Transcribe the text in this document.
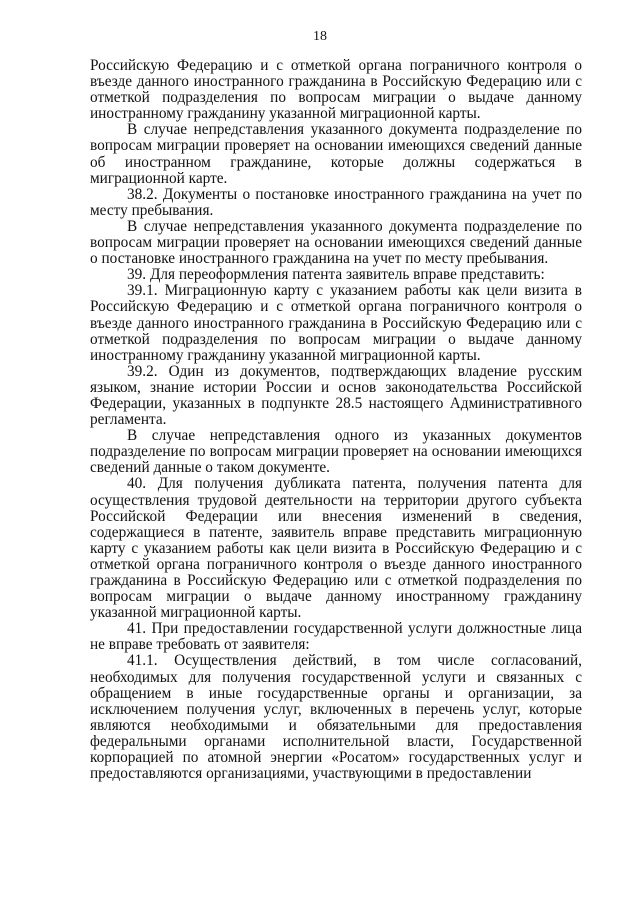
18

Российскую Федерацию и с отметкой органа пограничного контроля о въезде данного иностранного гражданина в Российскую Федерацию или с отметкой подразделения по вопросам миграции о выдаче данному иностранному гражданину указанной миграционной карты.

В случае непредставления указанного документа подразделение по вопросам миграции проверяет на основании имеющихся сведений данные об иностранном гражданине, которые должны содержаться в миграционной карте.

38.2. Документы о постановке иностранного гражданина на учет по месту пребывания.

В случае непредставления указанного документа подразделение по вопросам миграции проверяет на основании имеющихся сведений данные о постановке иностранного гражданина на учет по месту пребывания.

39. Для переоформления патента заявитель вправе представить:

39.1. Миграционную карту с указанием работы как цели визита в Российскую Федерацию и с отметкой органа пограничного контроля о въезде данного иностранного гражданина в Российскую Федерацию или с отметкой подразделения по вопросам миграции о выдаче данному иностранному гражданину указанной миграционной карты.

39.2. Один из документов, подтверждающих владение русским языком, знание истории России и основ законодательства Российской Федерации, указанных в подпункте 28.5 настоящего Административного регламента.

В случае непредставления одного из указанных документов подразделение по вопросам миграции проверяет на основании имеющихся сведений данные о таком документе.

40. Для получения дубликата патента, получения патента для осуществления трудовой деятельности на территории другого субъекта Российской Федерации или внесения изменений в сведения, содержащиеся в патенте, заявитель вправе представить миграционную карту с указанием работы как цели визита в Российскую Федерацию и с отметкой органа пограничного контроля о въезде данного иностранного гражданина в Российскую Федерацию или с отметкой подразделения по вопросам миграции о выдаче данному иностранному гражданину указанной миграционной карты.

41. При предоставлении государственной услуги должностные лица не вправе требовать от заявителя:

41.1. Осуществления действий, в том числе согласований, необходимых для получения государственной услуги и связанных с обращением в иные государственные органы и организации, за исключением получения услуг, включенных в перечень услуг, которые являются необходимыми и обязательными для предоставления федеральными органами исполнительной власти, Государственной корпорацией по атомной энергии «Росатом» государственных услуг и предоставляются организациями, участвующими в предоставлении
